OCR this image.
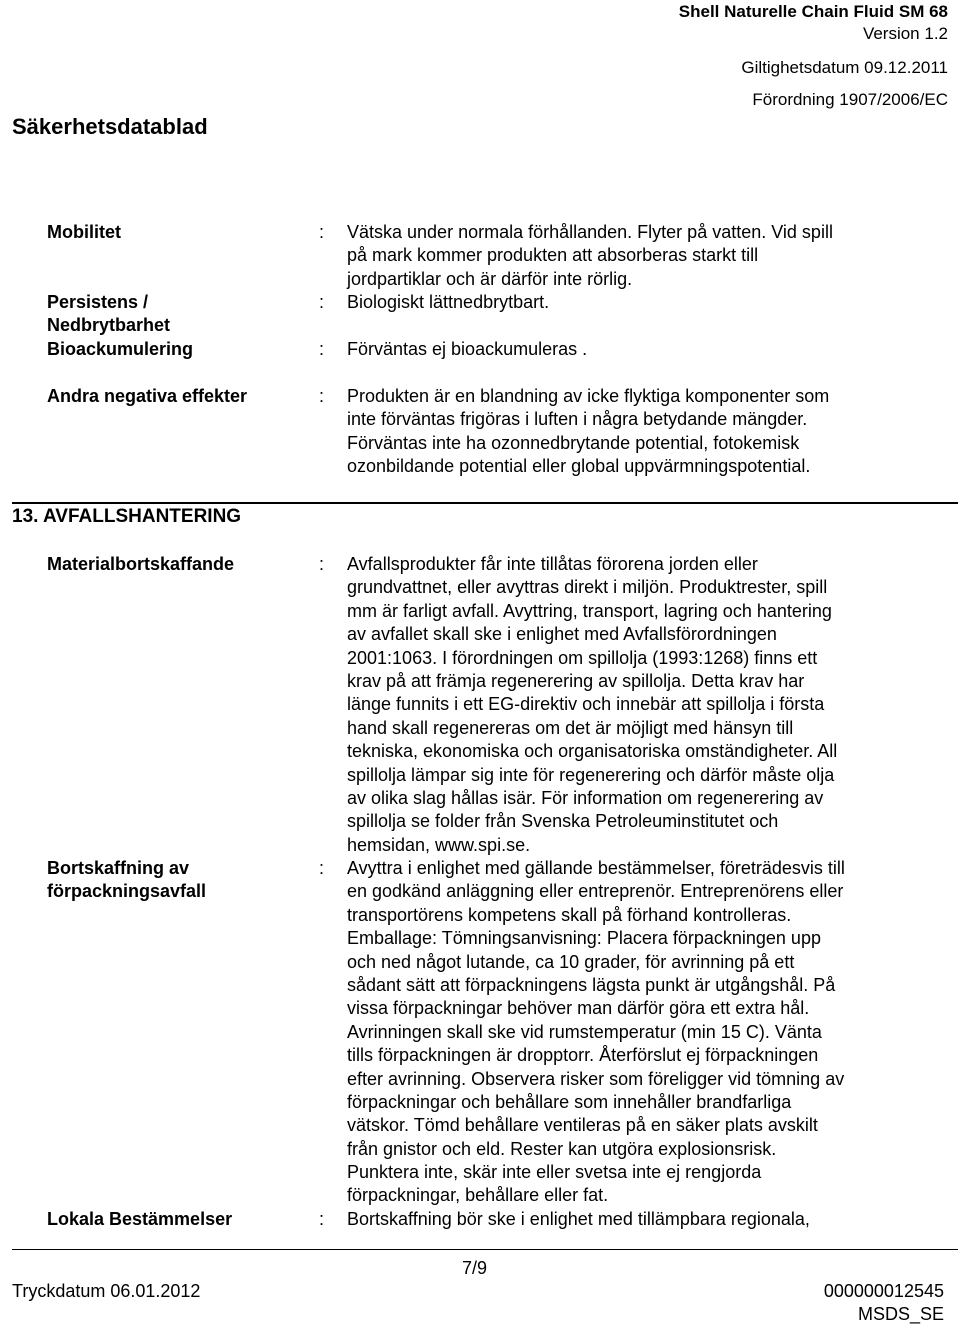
Shell Naturelle Chain Fluid SM 68
Version 1.2
Giltighetsdatum 09.12.2011
Förordning 1907/2006/EC
Säkerhetsdatablad
Mobilitet	: Vätska under normala förhållanden. Flyter på vatten. Vid spill
på mark kommer produkten att absorberas starkt till
jordpartiklar och är därför inte rörlig.
Persistens /
Nedbrytbarhet
: Biologiskt lättnedbrytbart.
Bioackumulering	: Förväntas ej bioackumuleras .
Andra negativa effekter	: Produkten är en blandning av icke flyktiga komponenter som
inte förväntas frigöras i luften i några betydande mängder.
Förväntas inte ha ozonnedbrytande potential, fotokemisk
ozonbildande potential eller global uppvärmningspotential.
13. AVFALLSHANTERING
Materialbortskaffande	: Avfallsprodukter får inte tillåtas förorena jorden eller
grundvattnet, eller avyttras direkt i miljön. Produktrester, spill
mm är farligt avfall. Avyttring, transport, lagring och hantering
av avfallet skall ske i enlighet med Avfallsförordningen
2001:1063. I förordningen om spillolja (1993:1268) finns ett
krav på att främja regenerering av spillolja. Detta krav har
länge funnits i ett EG-direktiv och innebär att spillolja i första
hand skall regenereras om det är möjligt med hänsyn till
tekniska, ekonomiska och organisatoriska omständigheter. All
spillolja lämpar sig inte för regenerering och därför måste olja
av olika slag hållas isär. För information om regenerering av
spillolja se folder från Svenska Petroleuminstitutet och
hemsidan, www.spi.se.
Bortskaffning av
förpackningsavfall
: Avyttra i enlighet med gällande bestämmelser, företrädesvis till
en godkänd anläggning eller entreprenör. Entreprenörens eller
transportörens kompetens skall på förhand kontrolleras.
Emballage: Tömningsanvisning: Placera förpackningen upp
och ned något lutande, ca 10 grader, för avrinning på ett
sådant sätt att förpackningens lägsta punkt är utgångshål. På
vissa förpackningar behöver man därför göra ett extra hål.
Avrinningen skall ske vid rumstemperatur (min 15 C). Vänta
tills förpackningen är dropptorr. Återförslut ej förpackningen
efter avrinning. Observera risker som föreligger vid tömning av
förpackningar och behållare som innehåller brandfarliga
vätskor. Tömd behållare ventileras på en säker plats avskilt
från gnistor och eld. Rester kan utgöra explosionsrisk.
Punktera inte, skär inte eller svetsa inte ej rengjorda
förpackningar, behållare eller fat.
Lokala Bestämmelser	: Bortskaffning bör ske i enlighet med tillämpbara regionala,
7/9
Tryckdatum 06.01.2012	000000012545
MSDS_SE
